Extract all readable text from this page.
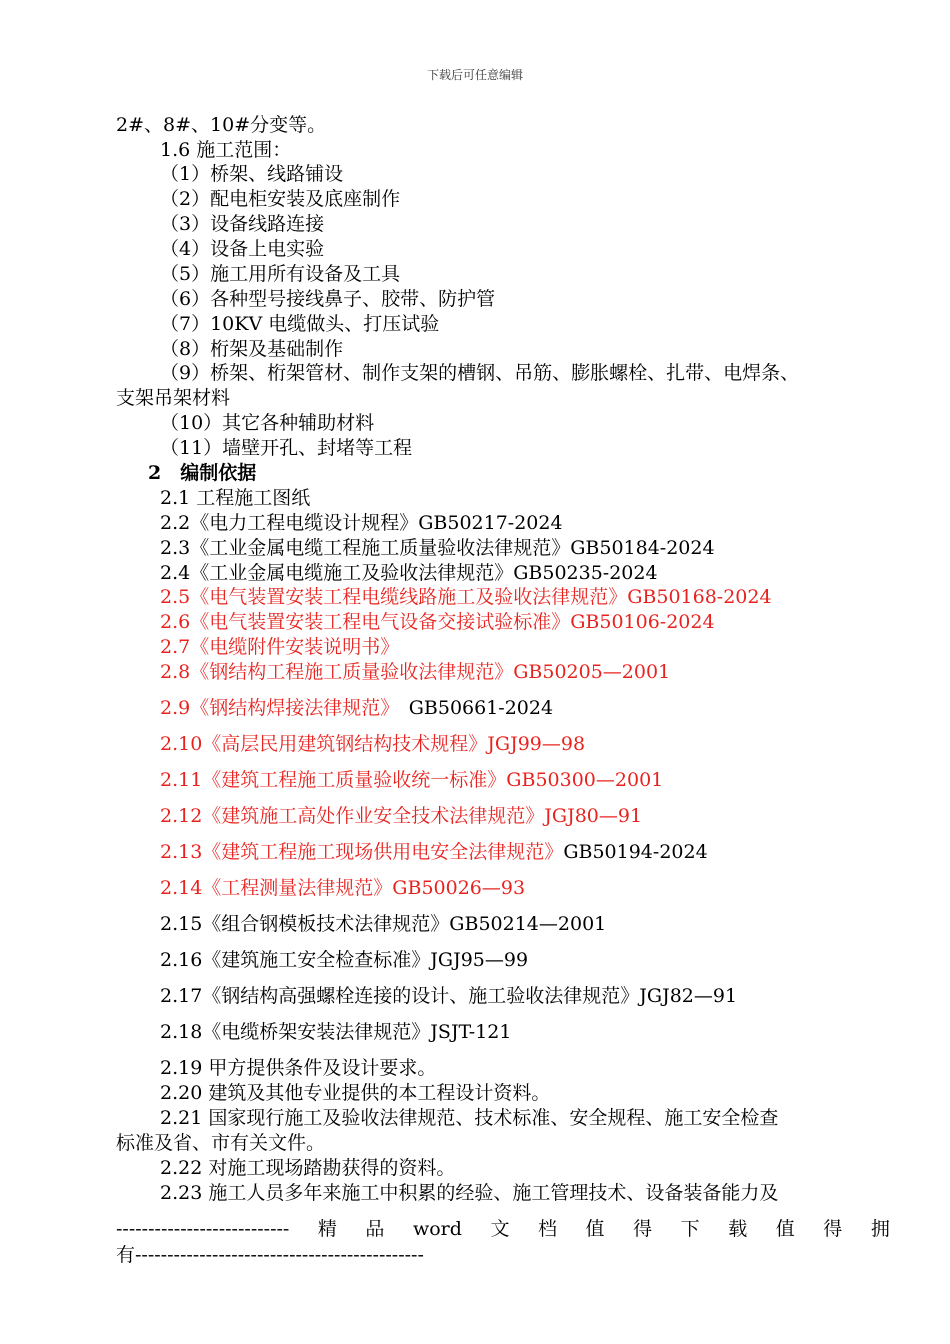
下载后可任意编辑
2#、8#、10#分变等。
1.6 施工范围：
（1）桥架、线路铺设
（2）配电柜安装及底座制作
（3）设备线路连接
（4）设备上电实验
（5）施工用所有设备及工具
（6）各种型号接线鼻子、胶带、防护管
（7）10KV 电缆做头、打压试验
（8）桁架及基础制作
（9）桥架、桁架管材、制作支架的槽钢、吊筋、膨胀螺栓、扎带、电焊条、
支架吊架材料
（10）其它各种辅助材料
（11）墙壁开孔、封堵等工程
2　编制依据
2.1 工程施工图纸
2.2《电力工程电缆设计规程》GB50217-2024
2.3《工业金属电缆工程施工质量验收法律规范》GB50184-2024
2.4《工业金属电缆施工及验收法律规范》GB50235-2024
2.5《电气装置安装工程电缆线路施工及验收法律规范》GB50168-2024
2.6《电气装置安装工程电气设备交接试验标准》GB50106-2024
2.7《电缆附件安装说明书》
2.8《钢结构工程施工质量验收法律规范》GB50205—2001
2.9《钢结构焊接法律规范》　GB50661-2024
2.10《高层民用建筑钢结构技术规程》JGJ99—98
2.11《建筑工程施工质量验收统一标准》GB50300—2001
2.12《建筑施工高处作业安全技术法律规范》JGJ80—91
2.13《建筑工程施工现场供用电安全法律规范》GB50194-2024
2.14《工程测量法律规范》GB50026—93
2.15《组合钢模板技术法律规范》GB50214—2001
2.16《建筑施工安全检查标准》JGJ95—99
2.17《钢结构高强螺栓连接的设计、施工验收法律规范》JGJ82—91
2.18《电缆桥架安装法律规范》JSJT-121
2.19 甲方提供条件及设计要求。
2.20 建筑及其他专业提供的本工程设计资料。
2.21 国家现行施工及验收法律规范、技术标准、安全规程、施工安全检查
标准及省、市有关文件。
2.22 对施工现场踏勘获得的资料。
2.23 施工人员多年来施工中积累的经验、施工管理技术、设备装备能力及
--------------------------- 精 品 word 文 档 值 得 下 载 值 得 拥
有---------------------------------------------
